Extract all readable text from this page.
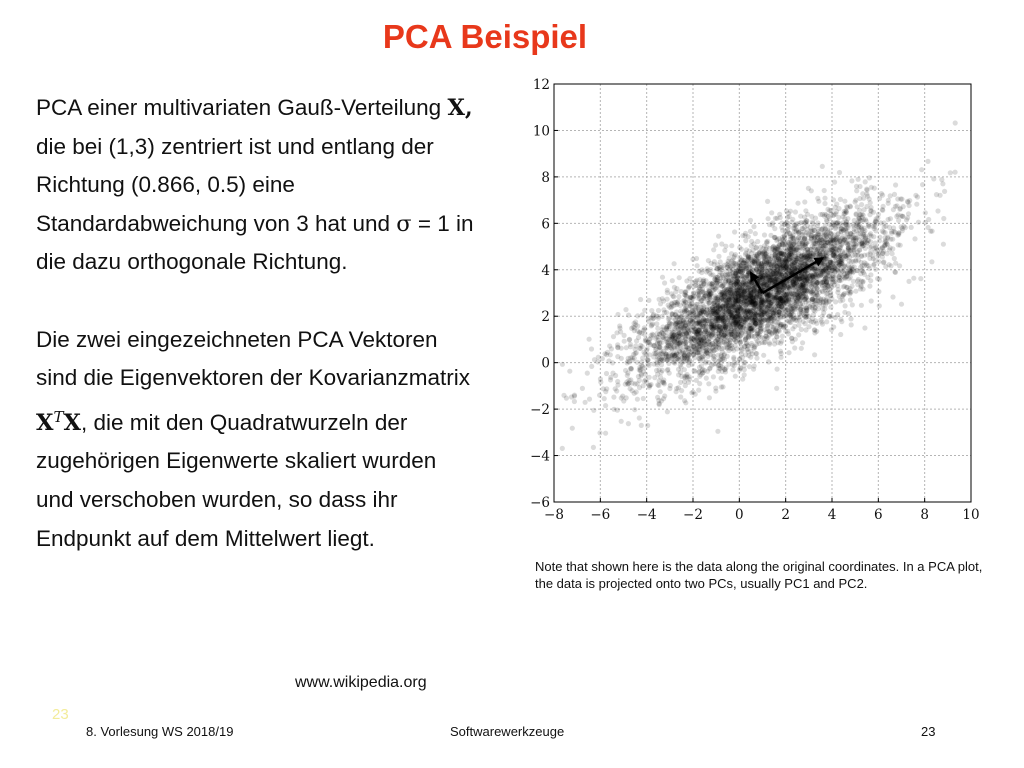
PCA Beispiel

PCA einer multivariaten Gauß-Verteilung X, die bei (1,3) zentriert ist und entlang der Richtung (0.866, 0.5) eine Standardabweichung von 3 hat und σ = 1 in die dazu orthogonale Richtung.

Die zwei eingezeichneten PCA Vektoren sind die Eigenvektoren der Kovarianzmatrix $X^TX$, die mit den Quadratwurzeln der zugehörigen Eigenwerte skaliert wurden und verschoben wurden, so dass ihr Endpunkt auf dem Mittelwert liegt.

−8 −6 −4 −2 0	2	4	6	8 10
−6
−4
−2
0
2
4
6
8
10
12
Note that shown here is the data along the original coordinates. In a PCA plot, the data is projected onto two PCs, usually PC1 and PC2.
www.wikipedia.org
23
8. Vorlesung WS 2018/19	Softwarewerkzeuge	23
